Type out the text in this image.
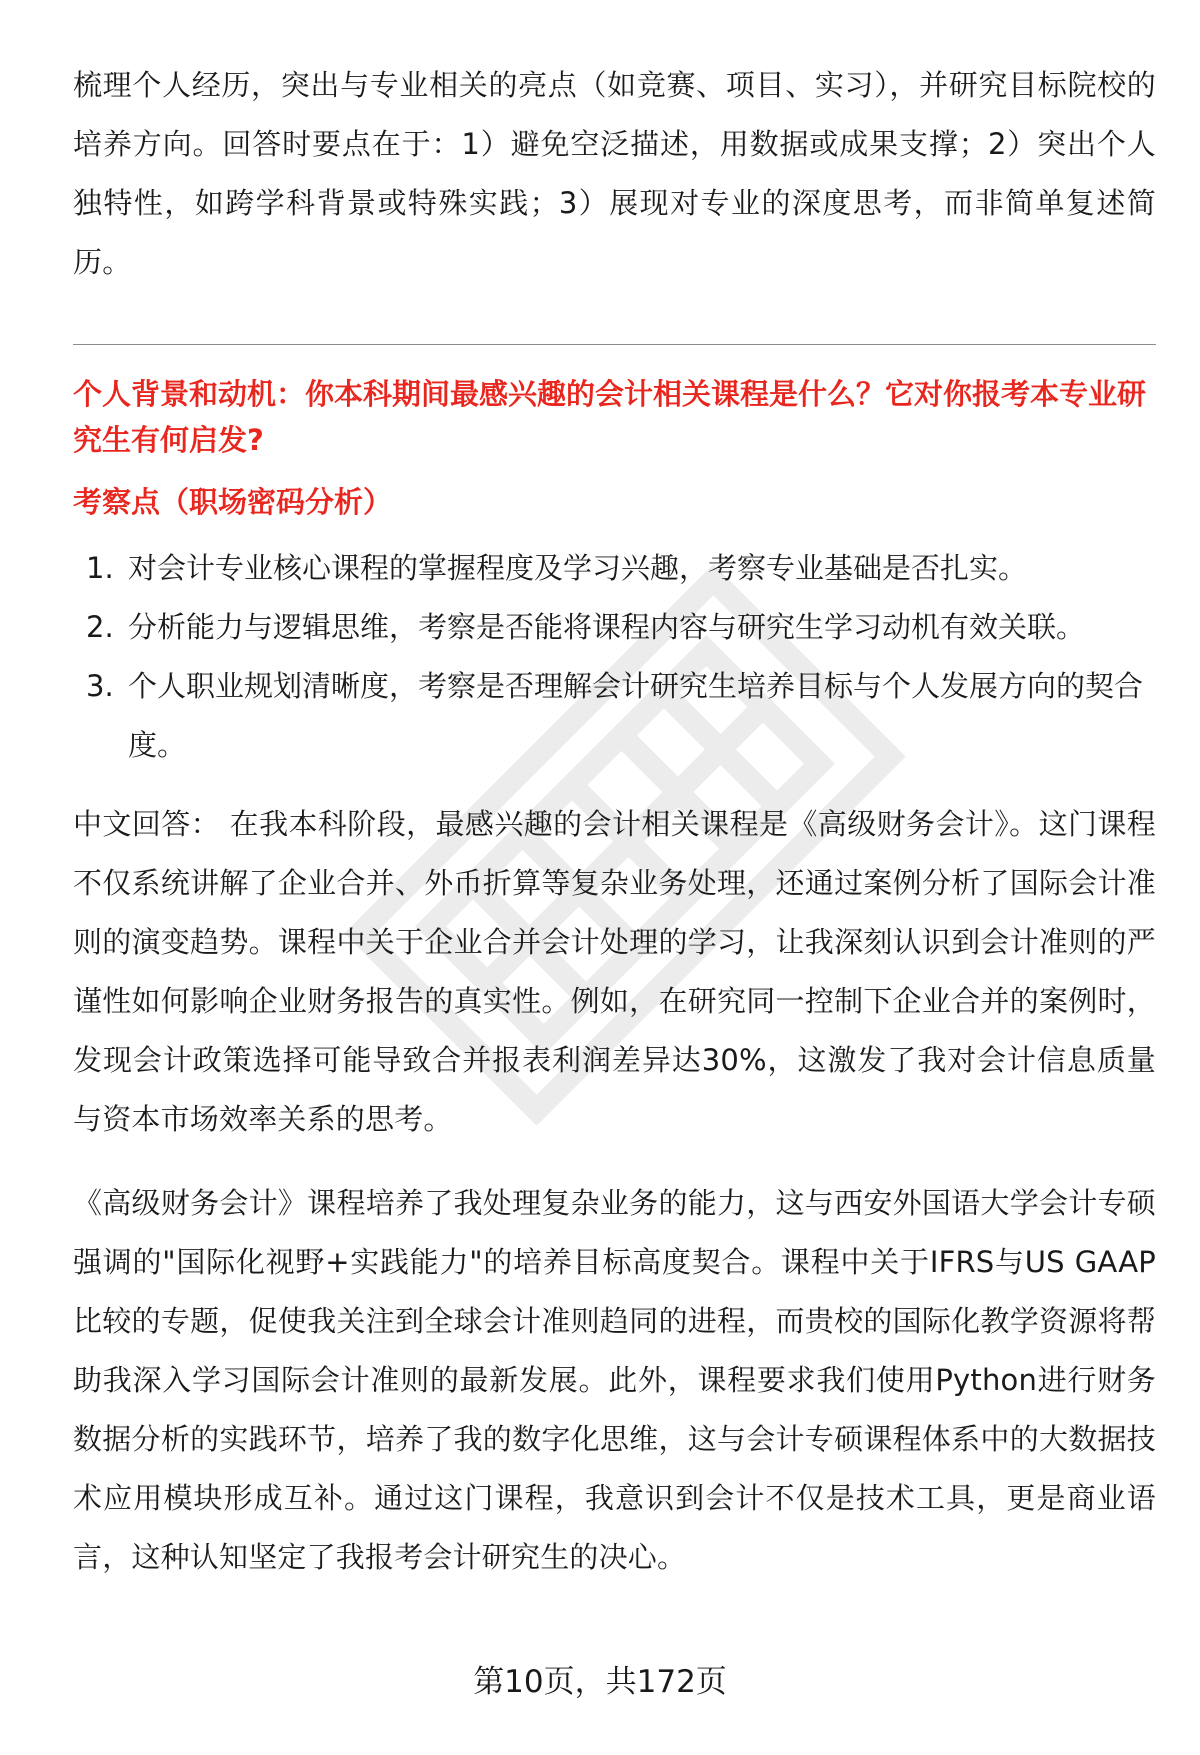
梳理个人经历，突出与专业相关的亮点（如竞赛、项目、实习），并研究目标院校的培养方向。回答时要点在于：1）避免空泛描述，用数据或成果支撑；2）突出个人独特性，如跨学科背景或特殊实践；3）展现对专业的深度思考，而非简单复述简历。

个人背景和动机：你本科期间最感兴趣的会计相关课程是什么？它对你报考本专业研究生有何启发?

考察点（职场密码分析）

1. 对会计专业核心课程的掌握程度及学习兴趣，考察专业基础是否扎实。
2. 分析能力与逻辑思维，考察是否能将课程内容与研究生学习动机有效关联。
3. 个人职业规划清晰度，考察是否理解会计研究生培养目标与个人发展方向的契合度。

中文回答： 在我本科阶段，最感兴趣的会计相关课程是《高级财务会计》。这门课程不仅系统讲解了企业合并、外币折算等复杂业务处理，还通过案例分析了国际会计准则的演变趋势。课程中关于企业合并会计处理的学习，让我深刻认识到会计准则的严谨性如何影响企业财务报告的真实性。例如，在研究同一控制下企业合并的案例时，发现会计政策选择可能导致合并报表利润差异达30%，这激发了我对会计信息质量与资本市场效率关系的思考。

《高级财务会计》课程培养了我处理复杂业务的能力，这与西安外国语大学会计专硕强调的"国际化视野+实践能力"的培养目标高度契合。课程中关于IFRS与US GAAP比较的专题，促使我关注到全球会计准则趋同的进程，而贵校的国际化教学资源将帮助我深入学习国际会计准则的最新发展。此外，课程要求我们使用Python进行财务数据分析的实践环节，培养了我的数字化思维，这与会计专硕课程体系中的大数据技术应用模块形成互补。通过这门课程，我意识到会计不仅是技术工具，更是商业语言，这种认知坚定了我报考会计研究生的决心。

第10页，共172页
